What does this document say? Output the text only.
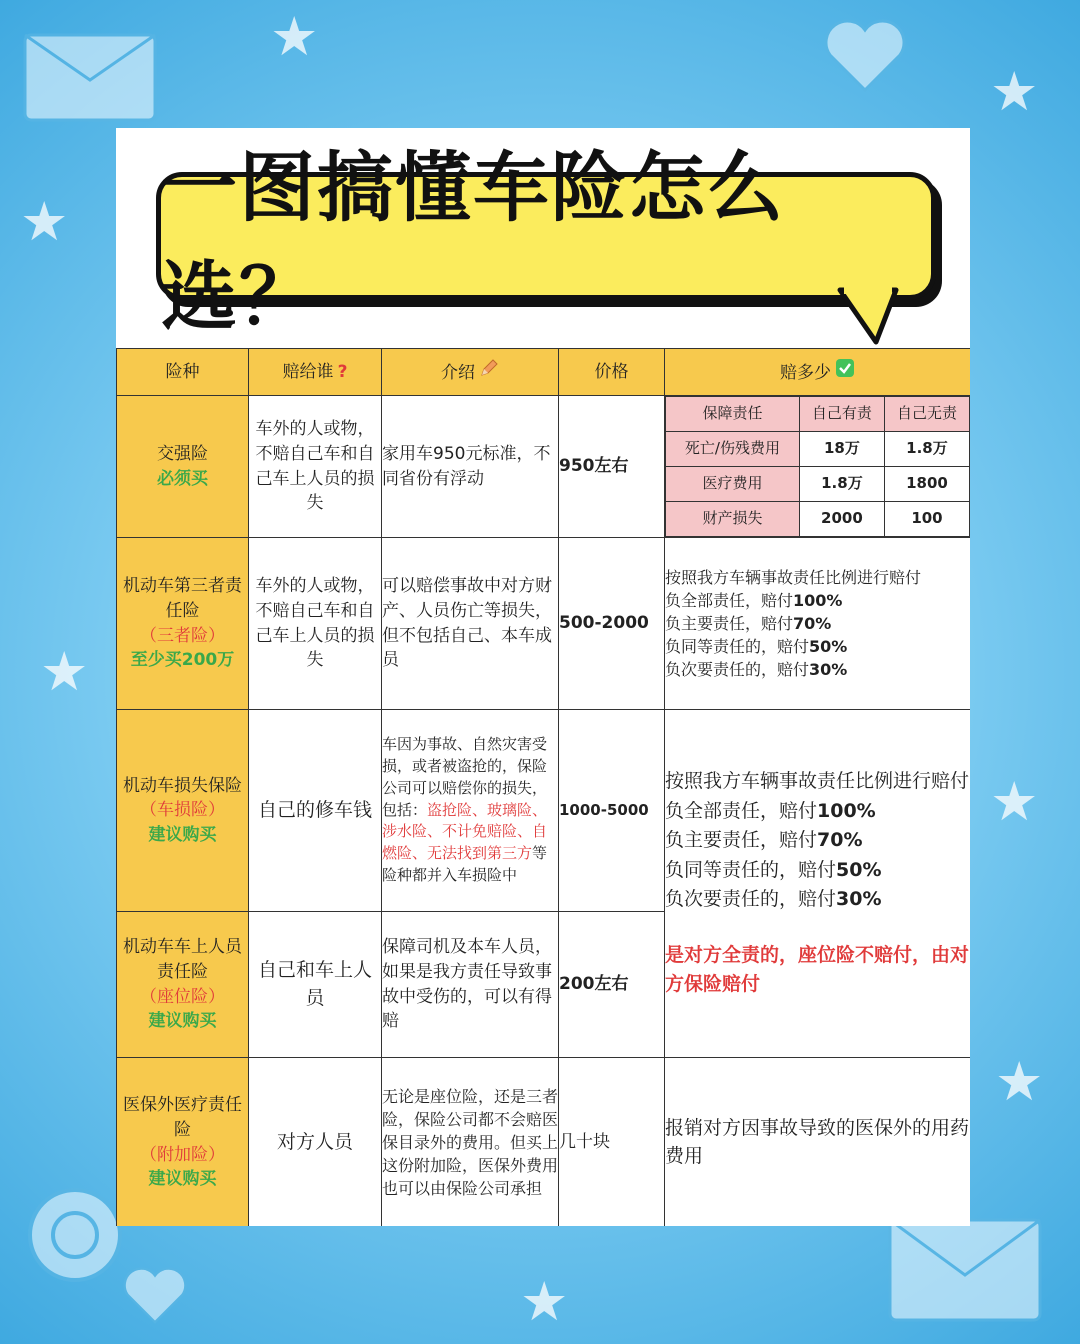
★
★
★
★
★
★
★
一图搞懂车险怎么选？
险种	赔给谁 ?	介绍	价格	赔多少

交强险
必须买
	车外的人或物，不赔自己车和自己车上人员的损失	家用车950元标准，不同省份有浮动	950左右	
保障责任	自己有责	自己无责
死亡/伤残费用	18万	1.8万
医疗费用	1.8万	1800
财产损失	2000	100

机动车第三者责任险
（三者险）
至少买200万
	车外的人或物，不赔自己车和自己车上人员的损失	可以赔偿事故中对方财产、人员伤亡等损失，但不包括自己、本车成员	500-2000	
按照我方车辆事故责任比例进行赔付
负全部责任，赔付100%
负主要责任，赔付70%
负同等责任的，赔付50%
负次要责任的，赔付30%

机动车损失保险
（车损险）
建议购买
	自己的修车钱	车因为事故、自然灾害受损，或者被盗抢的，保险公司可以赔偿你的损失，包括：盗抢险、玻璃险、涉水险、不计免赔险、自燃险、无法找到第三方等险种都并入车损险中	1000-5000	
按照我方车辆事故责任比例进行赔付
负全部责任，赔付100%
负主要责任，赔付70%
负同等责任的，赔付50%
负次要责任的，赔付30%
是对方全责的，座位险不赔付，由对方保险赔付

机动车车上人员责任险
（座位险）
建议购买
	自己和车上人员	保障司机及本车人员，如果是我方责任导致事故中受伤的，可以有得赔	200左右

医保外医疗责任险
（附加险）
建议购买
	对方人员	无论是座位险，还是三者险，保险公司都不会赔医保目录外的费用。但买上这份附加险，医保外费用也可以由保险公司承担	几十块	报销对方因事故导致的医保外的用药费用
